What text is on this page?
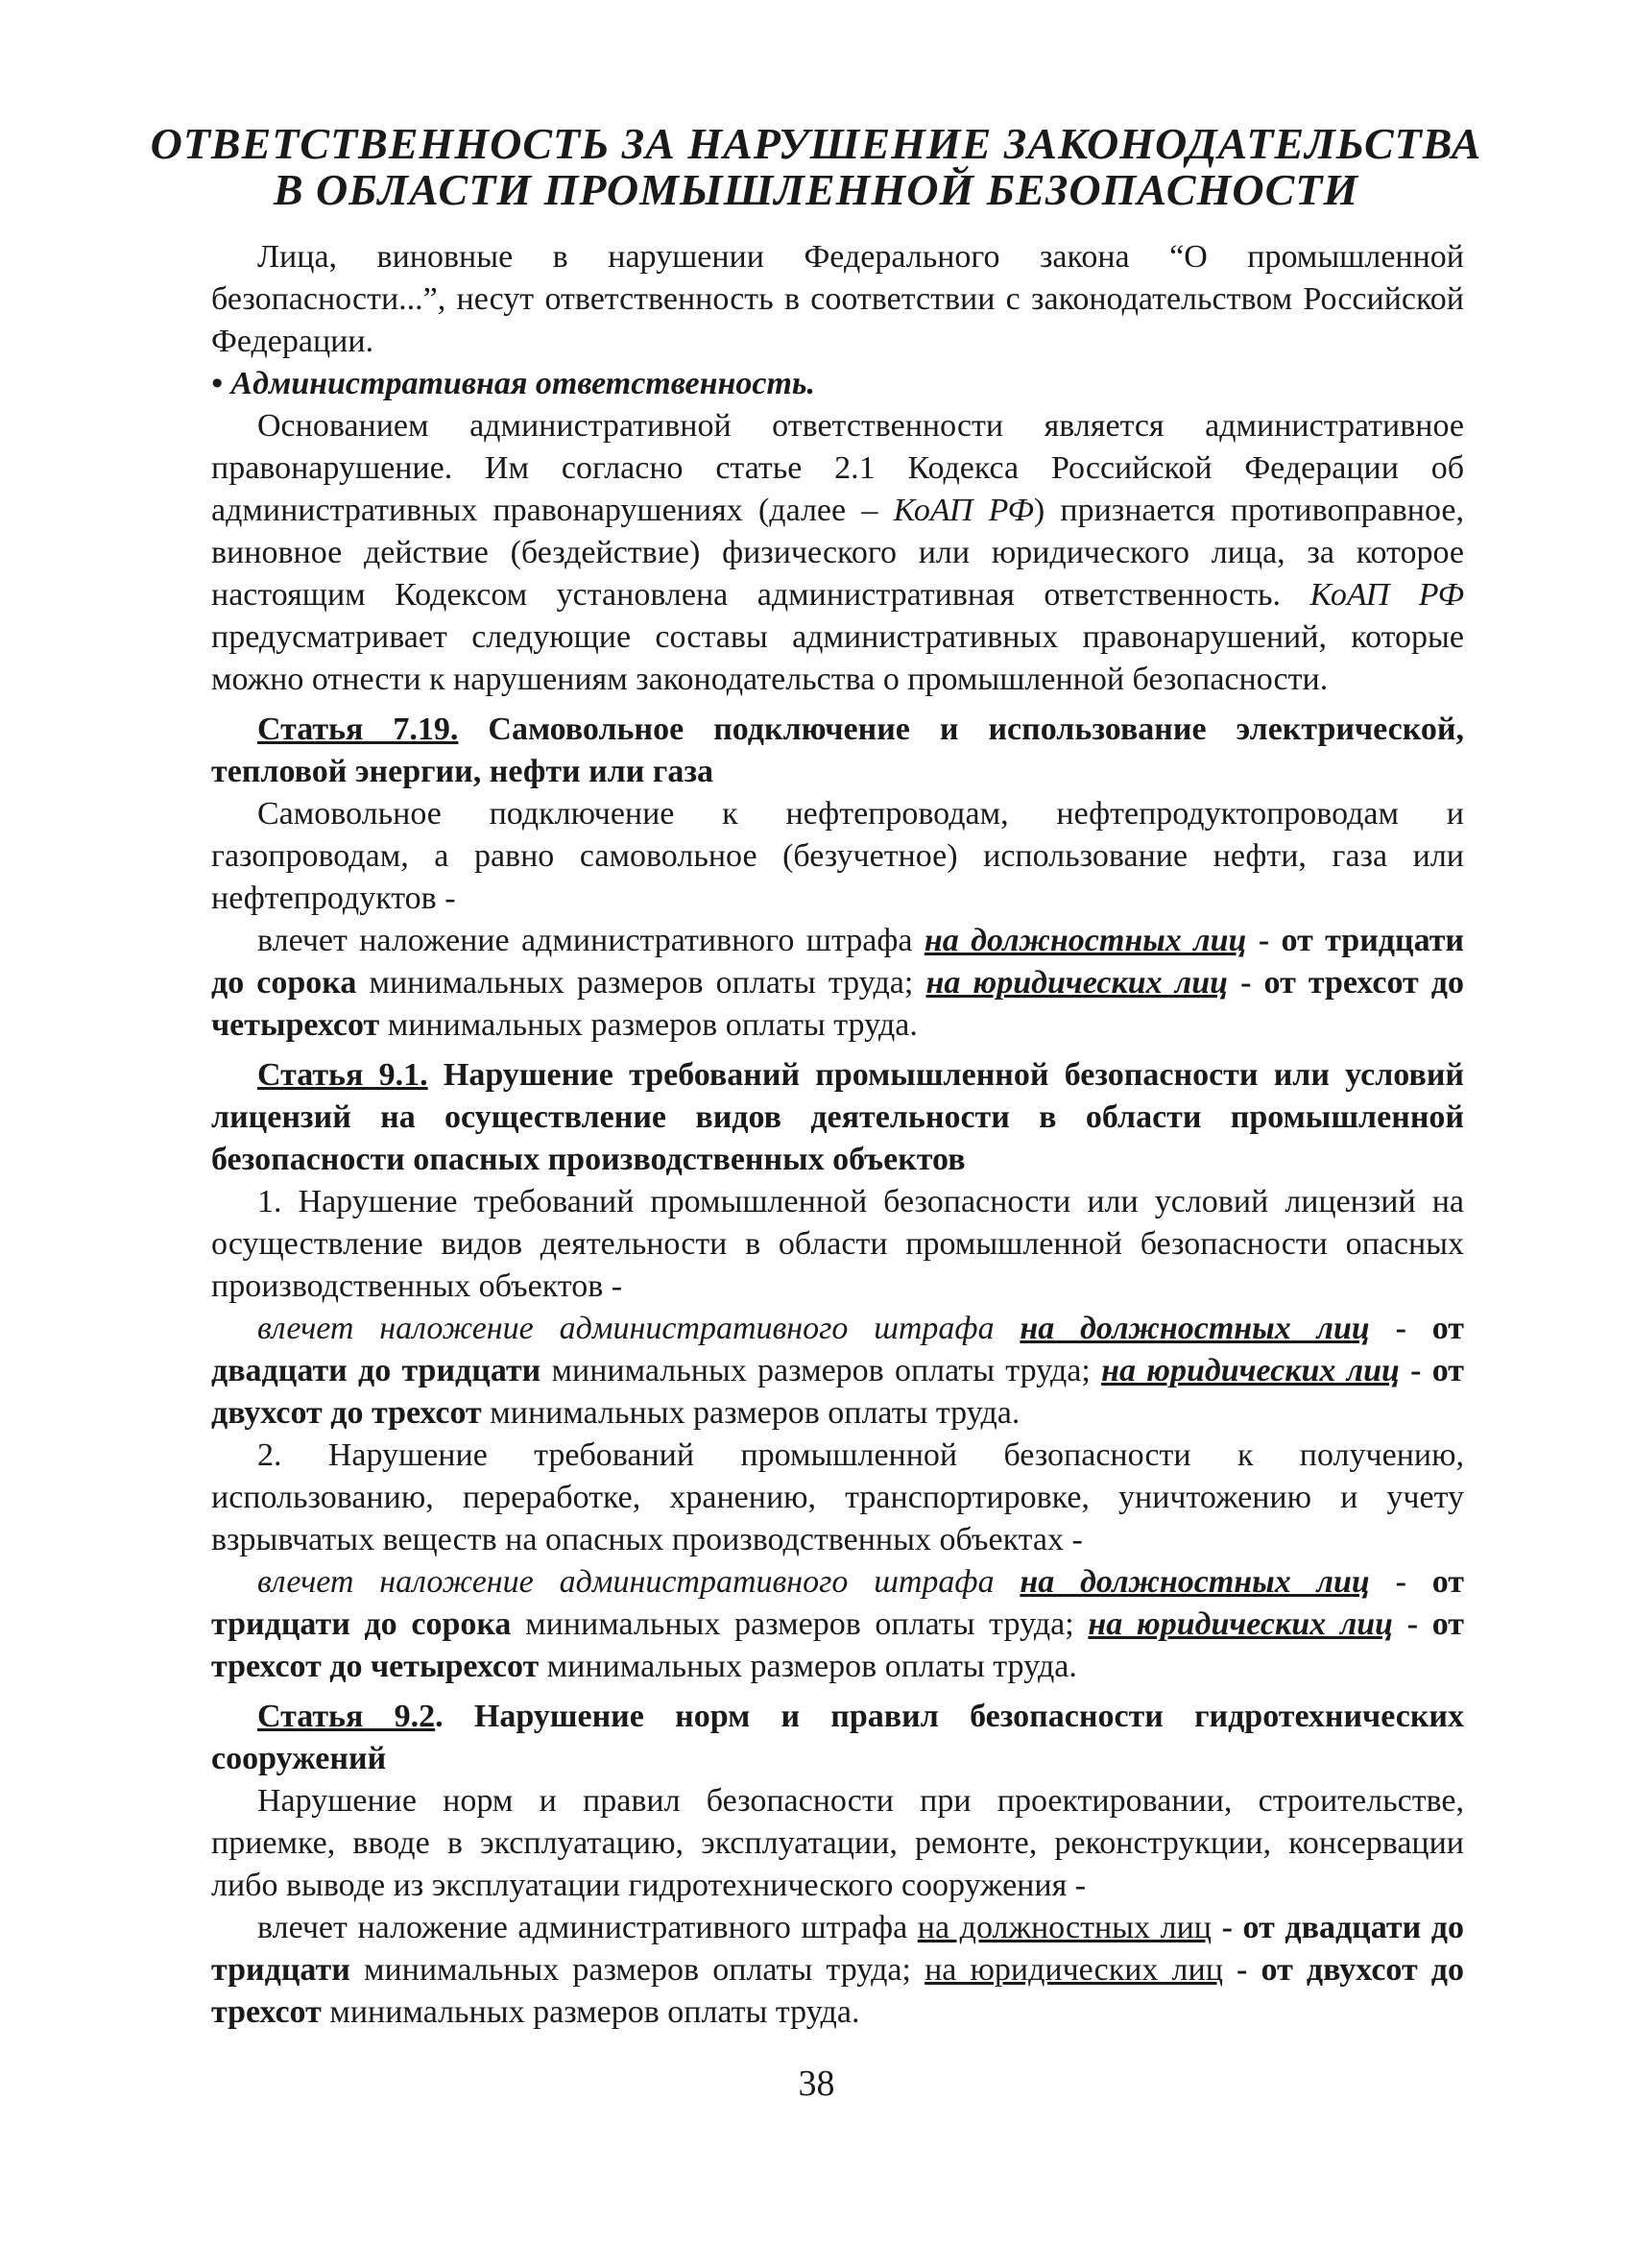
ОТВЕТСТВЕННОСТЬ ЗА НАРУШЕНИЕ ЗАКОНОДАТЕЛЬСТВА
В ОБЛАСТИ ПРОМЫШЛЕННОЙ БЕЗОПАСНОСТИ

Лица, виновные в нарушении Федерального закона “О промышленной безопасности...”, несут ответственность в соответствии с законодательством Российской Федерации.

• Административная ответственность.

Основанием административной ответственности является административное правонарушение. Им согласно статье 2.1 Кодекса Российской Федерации об административных правонарушениях (далее – КоАП РФ) признается противоправное, виновное действие (бездействие) физического или юридического лица, за которое настоящим Кодексом установлена административная ответственность. КоАП РФ предусматривает следующие составы административных правонарушений, которые можно отнести к нарушениям законодательства о промышленной безопасности.

Статья 7.19. Самовольное подключение и использование электрической, тепловой энергии, нефти или газа

Самовольное подключение к нефтепроводам, нефтепродуктопроводам и газопроводам, а равно самовольное (безучетное) использование нефти, газа или нефтепродуктов -

влечет наложение административного штрафа на должностных лиц - от тридцати до сорока минимальных размеров оплаты труда; на юридических лиц - от трехсот до четырехсот минимальных размеров оплаты труда.

Статья 9.1. Нарушение требований промышленной безопасности или условий лицензий на осуществление видов деятельности в области промышленной безопасности опасных производственных объектов

1. Нарушение требований промышленной безопасности или условий лицензий на осуществление видов деятельности в области промышленной безопасности опасных производственных объектов -

влечет наложение административного штрафа на должностных лиц - от двадцати до тридцати минимальных размеров оплаты труда; на юридических лиц - от двухсот до трехсот минимальных размеров оплаты труда.

2. Нарушение требований промышленной безопасности к получению, использованию, переработке, хранению, транспортировке, уничтожению и учету взрывчатых веществ на опасных производственных объектах -

влечет наложение административного штрафа на должностных лиц - от тридцати до сорока минимальных размеров оплаты труда; на юридических лиц - от трехсот до четырехсот минимальных размеров оплаты труда.

Статья 9.2. Нарушение норм и правил безопасности гидротехнических сооружений

Нарушение норм и правил безопасности при проектировании, строительстве, приемке, вводе в эксплуатацию, эксплуатации, ремонте, реконструкции, консервации либо выводе из эксплуатации гидротехнического сооружения -

влечет наложение административного штрафа на должностных лиц - от двадцати до тридцати минимальных размеров оплаты труда; на юридических лиц - от двухсот до трехсот минимальных размеров оплаты труда.

38
